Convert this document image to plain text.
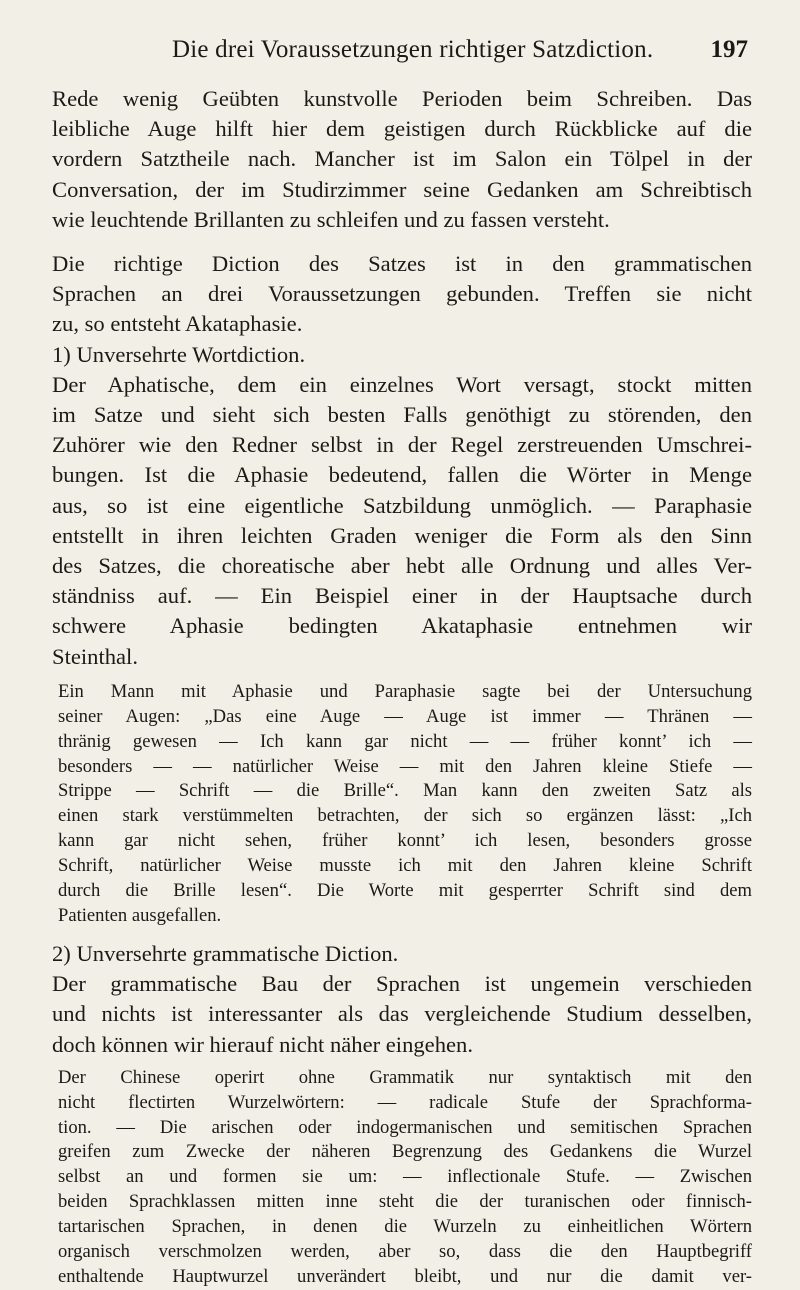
Die drei Voraussetzungen richtiger Satzdiction. 197

Rede wenig Geübten kunstvolle Perioden beim Schreiben. Das
leibliche Auge hilft hier dem geistigen durch Rückblicke auf die
vordern Satztheile nach. Mancher ist im Salon ein Tölpel in der
Conversation, der im Studirzimmer seine Gedanken am Schreibtisch
wie leuchtende Brillanten zu schleifen und zu fassen versteht.

Die richtige Diction des Satzes ist in den grammatischen
Sprachen an drei Voraussetzungen gebunden. Treffen sie nicht
zu, so entsteht Akataphasie.

1) Unversehrte Wortdiction.

Der Aphatische, dem ein einzelnes Wort versagt, stockt mitten
im Satze und sieht sich besten Falls genöthigt zu störenden, den
Zuhörer wie den Redner selbst in der Regel zerstreuenden Umschrei-
bungen. Ist die Aphasie bedeutend, fallen die Wörter in Menge
aus, so ist eine eigentliche Satzbildung unmöglich. — Paraphasie
entstellt in ihren leichten Graden weniger die Form als den Sinn
des Satzes, die choreatische aber hebt alle Ordnung und alles Ver-
ständniss auf. — Ein Beispiel einer in der Hauptsache durch
schwere Aphasie bedingten Akataphasie entnehmen wir
Steinthal.

Ein Mann mit Aphasie und Paraphasie sagte bei der Untersuchung
seiner Augen: „Das eine Auge — Auge ist immer — Thränen —
thränig gewesen — Ich kann gar nicht — — früher konnt’ ich —
besonders — — natürlicher Weise — mit den Jahren kleine Stiefe —
Strippe — Schrift — die Brille“. Man kann den zweiten Satz als
einen stark verstümmelten betrachten, der sich so ergänzen lässt: „Ich
kann gar nicht sehen, früher konnt’ ich lesen, besonders grosse
Schrift, natürlicher Weise musste ich mit den Jahren kleine Schrift
durch die Brille lesen“. Die Worte mit gesperrter Schrift sind dem
Patienten ausgefallen.

2) Unversehrte grammatische Diction.

Der grammatische Bau der Sprachen ist ungemein verschieden
und nichts ist interessanter als das vergleichende Studium desselben,
doch können wir hierauf nicht näher eingehen.

Der Chinese operirt ohne Grammatik nur syntaktisch mit den
nicht flectirten Wurzelwörtern: — radicale Stufe der Sprachforma-
tion. — Die arischen oder indogermanischen und semitischen Sprachen
greifen zum Zwecke der näheren Begrenzung des Gedankens die Wurzel
selbst an und formen sie um: — inflectionale Stufe. — Zwischen
beiden Sprachklassen mitten inne steht die der turanischen oder finnisch-
tartarischen Sprachen, in denen die Wurzeln zu einheitlichen Wörtern
organisch verschmolzen werden, aber so, dass die den Hauptbegriff
enthaltende Hauptwurzel unverändert bleibt, und nur die damit ver-
